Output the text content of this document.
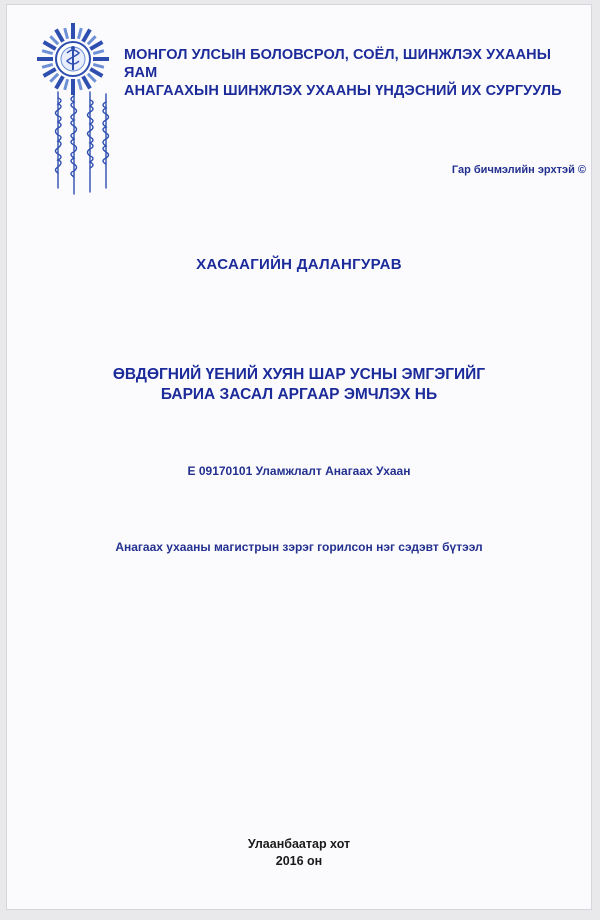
МОНГОЛ УЛСЫН БОЛОВСРОЛ, СОЁЛ, ШИНЖЛЭХ УХААНЫ ЯАМ
АНАГААХЫН ШИНЖЛЭХ УХААНЫ ҮНДЭСНИЙ ИХ СУРГУУЛЬ
Гар бичмэлийн эрхтэй ©
ХАСААГИЙН ДАЛАНГУРАВ
ӨВДӨГНИЙ ҮЕНИЙ ХУЯН ШАР УСНЫ ЭМГЭГИЙГ
БАРИА ЗАСАЛ АРГААР ЭМЧЛЭХ НЬ
Е 09170101 Уламжлалт Анагаах Ухаан
Анагаах ухааны магистрын зэрэг горилсон нэг сэдэвт бүтээл
Улаанбаатар хот
2016 он
